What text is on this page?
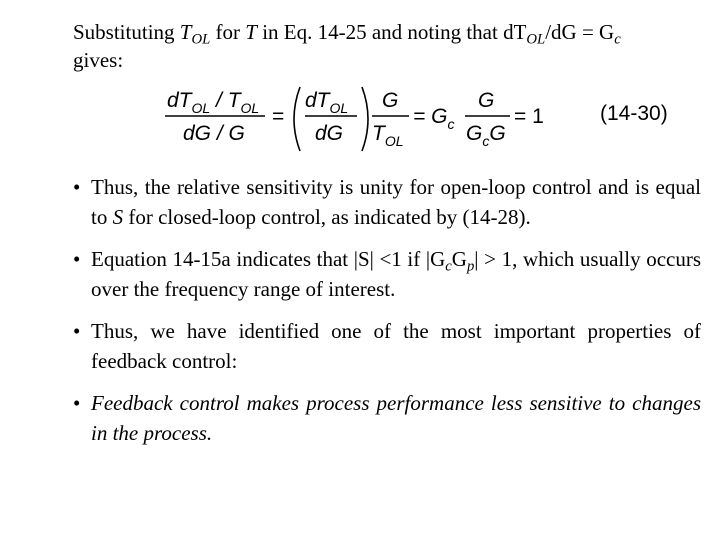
Substituting $T_{OL}$ for T in Eq. 14-25 and noting that $dT_{OL}/dG = G_c$
gives:
$dT_{OL} / T_{OL}$
dG / G
=
$dT_{OL}$
dG
G
$T_{OL}$
= $G_c$
G
$G_cG$
= 1	(14-30)
• Thus, the relative sensitivity is unity for open-loop control and is equal to S for closed-loop control, as indicated by (14-28).
• Equation 14-15a indicates that |S| <1 if $|G_cG_p| > 1$, which usually occurs over the frequency range of interest.
• Thus, we have identified one of the most important properties of feedback control:
• Feedback control makes process performance less sensitive to changes in the process.
